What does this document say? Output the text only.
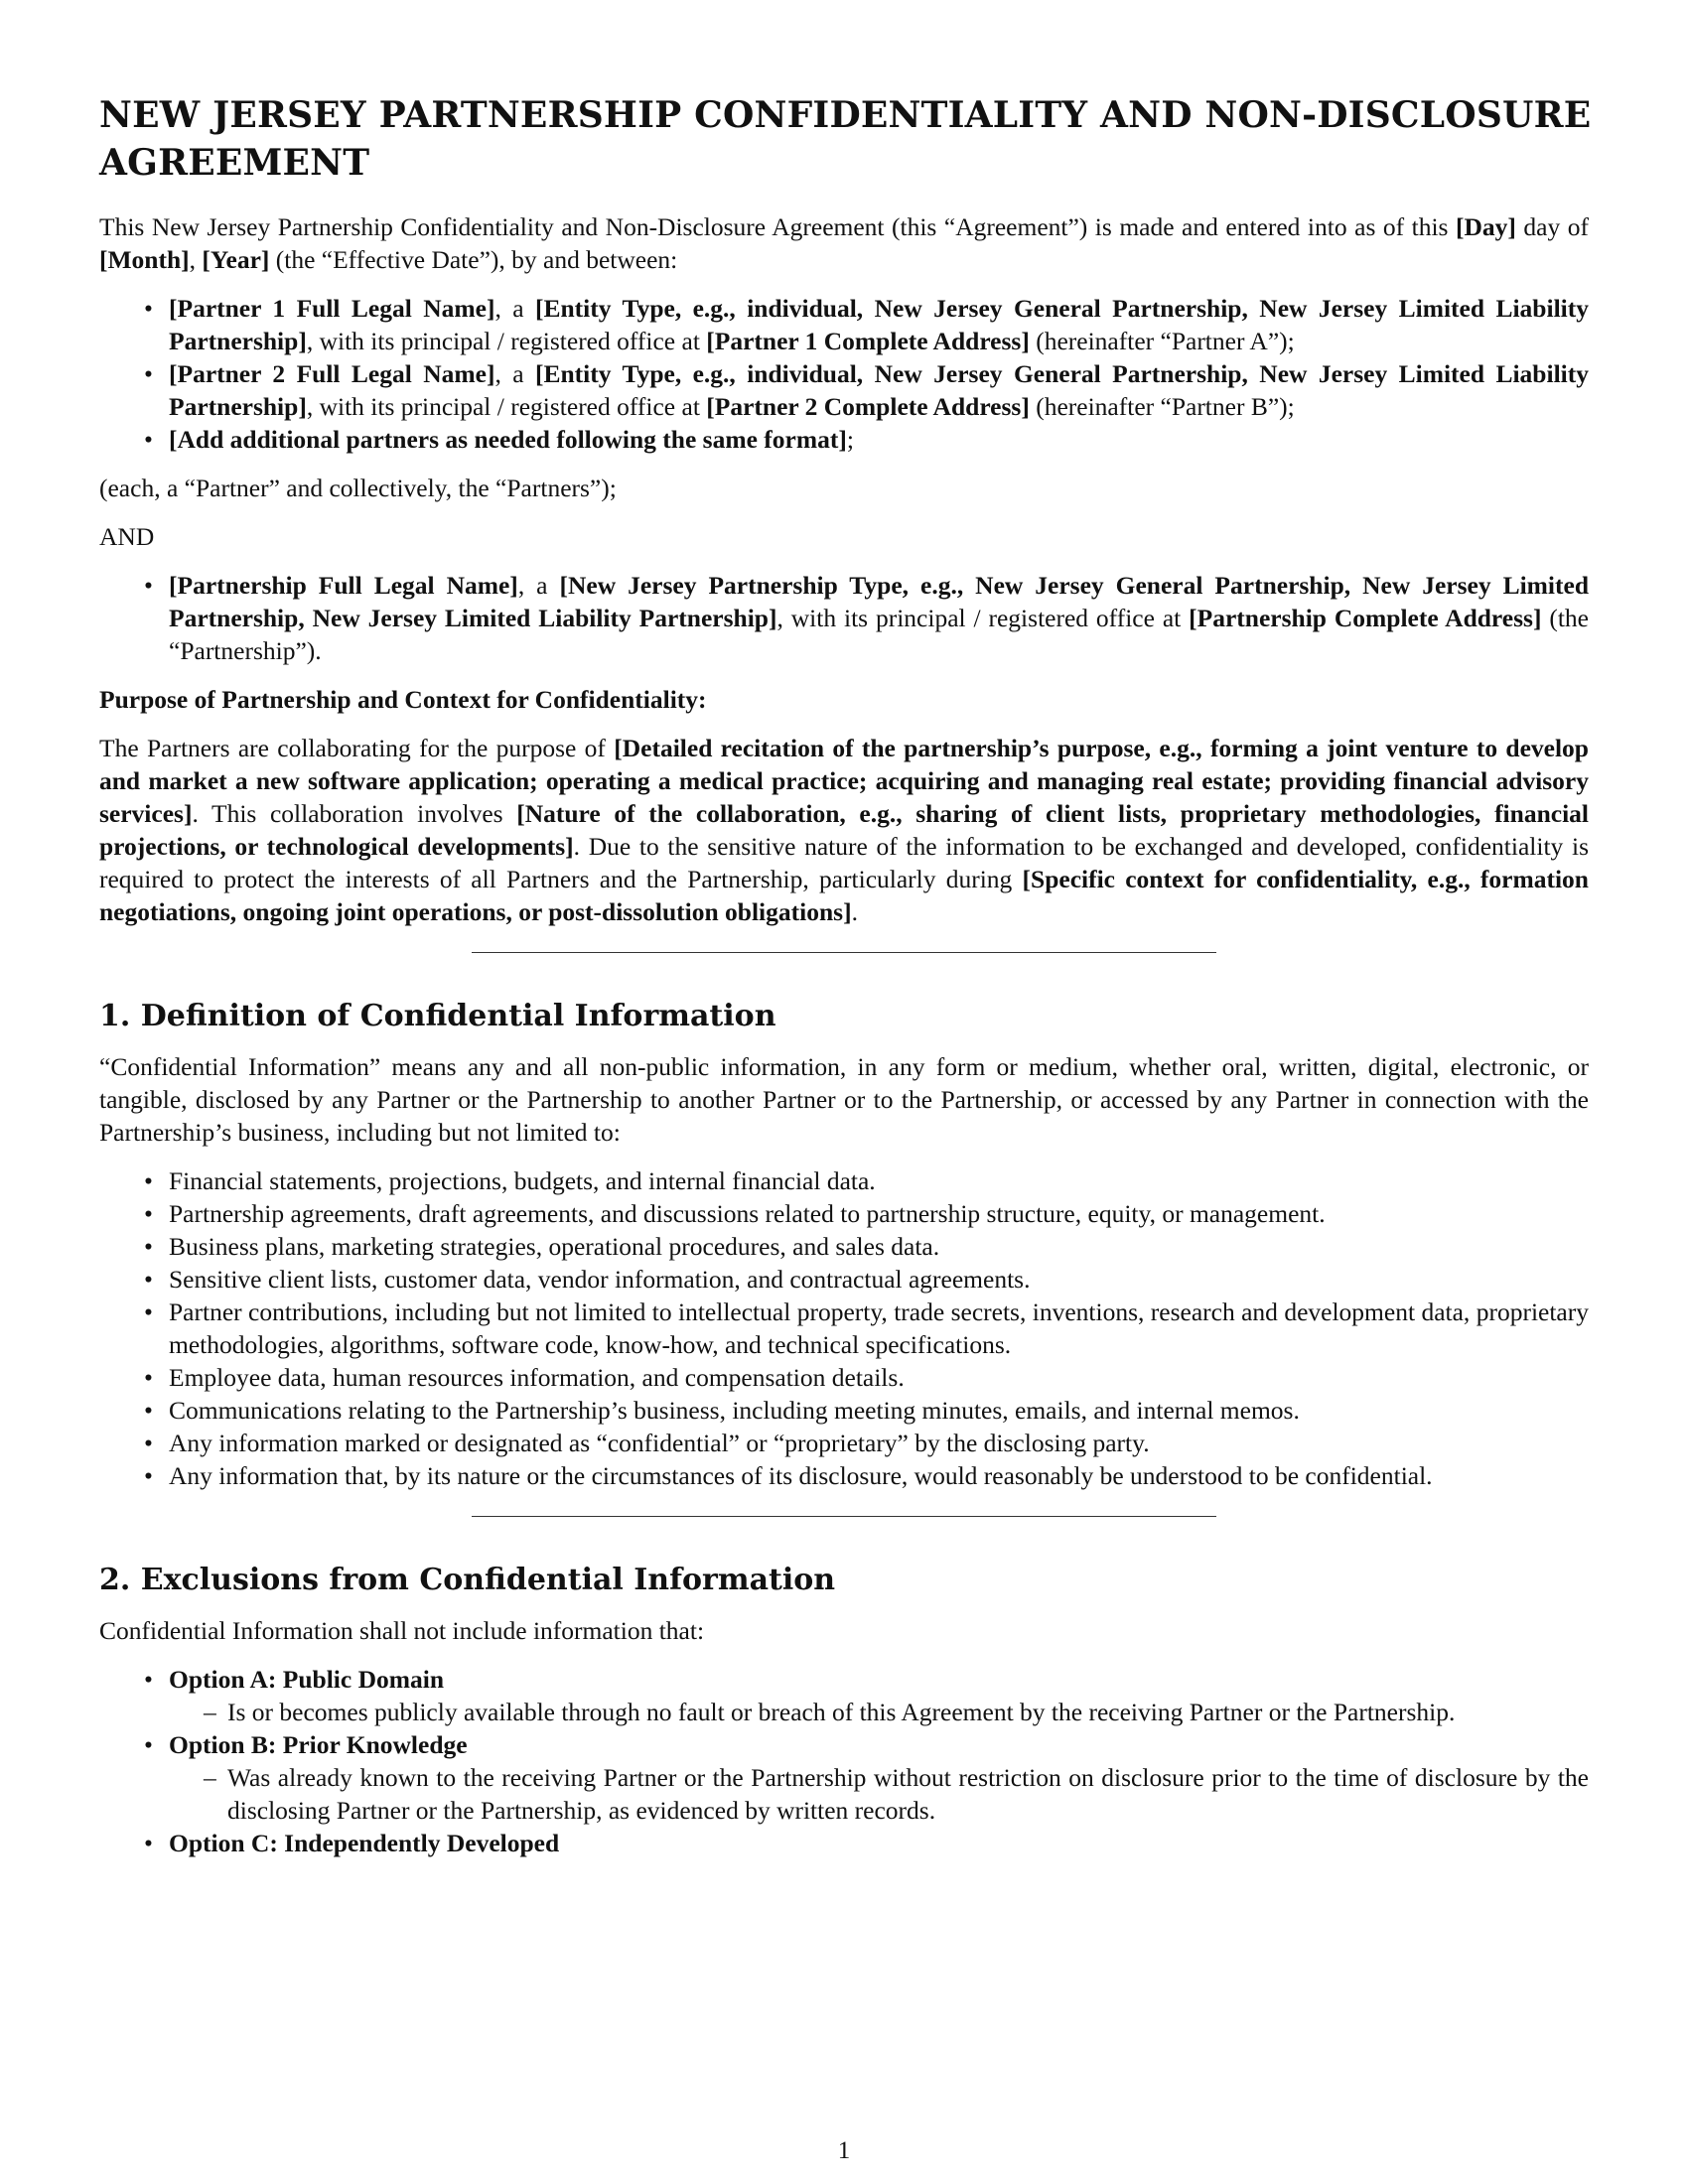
NEW JERSEY PARTNERSHIP CONFIDENTIALITY AND NON-DISCLOSURE
AGREEMENT

This New Jersey Partnership Confidentiality and Non-Disclosure Agreement (this “Agreement”) is made and entered into as of this [Day] day of [Month], [Year] (the “Effective Date”), by and between:

• [Partner 1 Full Legal Name], a [Entity Type, e.g., individual, New Jersey General Partnership, New Jersey Limited Liability Partnership], with its principal / registered office at [Partner 1 Complete Address] (hereinafter “Partner A”);
• [Partner 2 Full Legal Name], a [Entity Type, e.g., individual, New Jersey General Partnership, New Jersey Limited Liability Partnership], with its principal / registered office at [Partner 2 Complete Address] (hereinafter “Partner B”);
• [Add additional partners as needed following the same format];

(each, a “Partner” and collectively, the “Partners”);

AND

• [Partnership Full Legal Name], a [New Jersey Partnership Type, e.g., New Jersey General Partnership, New Jersey Limited Partnership, New Jersey Limited Liability Partnership], with its principal / registered office at [Partnership Complete Address] (the “Partnership”).

Purpose of Partnership and Context for Confidentiality:

The Partners are collaborating for the purpose of [Detailed recitation of the partnership’s purpose, e.g., forming a joint venture to develop and market a new software application; operating a medical practice; acquiring and managing real estate; providing financial advisory services]. This collaboration involves [Nature of the collaboration, e.g., sharing of client lists, proprietary methodologies, financial projections, or technological developments]. Due to the sensitive nature of the information to be exchanged and developed, confidentiality is required to protect the interests of all Partners and the Partnership, particularly during [Specific context for confidentiality, e.g., formation negotiations, ongoing joint operations, or post-dissolution obligations].

1. Definition of Confidential Information

“Confidential Information” means any and all non-public information, in any form or medium, whether oral, written, digital, electronic, or tangible, disclosed by any Partner or the Partnership to another Partner or to the Partnership, or accessed by any Partner in connection with the Partnership’s business, including but not limited to:

• Financial statements, projections, budgets, and internal financial data.
• Partnership agreements, draft agreements, and discussions related to partnership structure, equity, or management.
• Business plans, marketing strategies, operational procedures, and sales data.
• Sensitive client lists, customer data, vendor information, and contractual agreements.
• Partner contributions, including but not limited to intellectual property, trade secrets, inventions, research and development data, proprietary methodologies, algorithms, software code, know-how, and technical specifications.
• Employee data, human resources information, and compensation details.
• Communications relating to the Partnership’s business, including meeting minutes, emails, and internal memos.
• Any information marked or designated as “confidential” or “proprietary” by the disclosing party.
• Any information that, by its nature or the circumstances of its disclosure, would reasonably be understood to be confidential.
2. Exclusions from Confidential Information

Confidential Information shall not include information that:

• Option A: Public Domain
– Is or becomes publicly available through no fault or breach of this Agreement by the receiving Partner or the Partnership.
• Option B: Prior Knowledge
– Was already known to the receiving Partner or the Partnership without restriction on disclosure prior to the time of disclosure by the disclosing Partner or the Partnership, as evidenced by written records.
• Option C: Independently Developed
1
